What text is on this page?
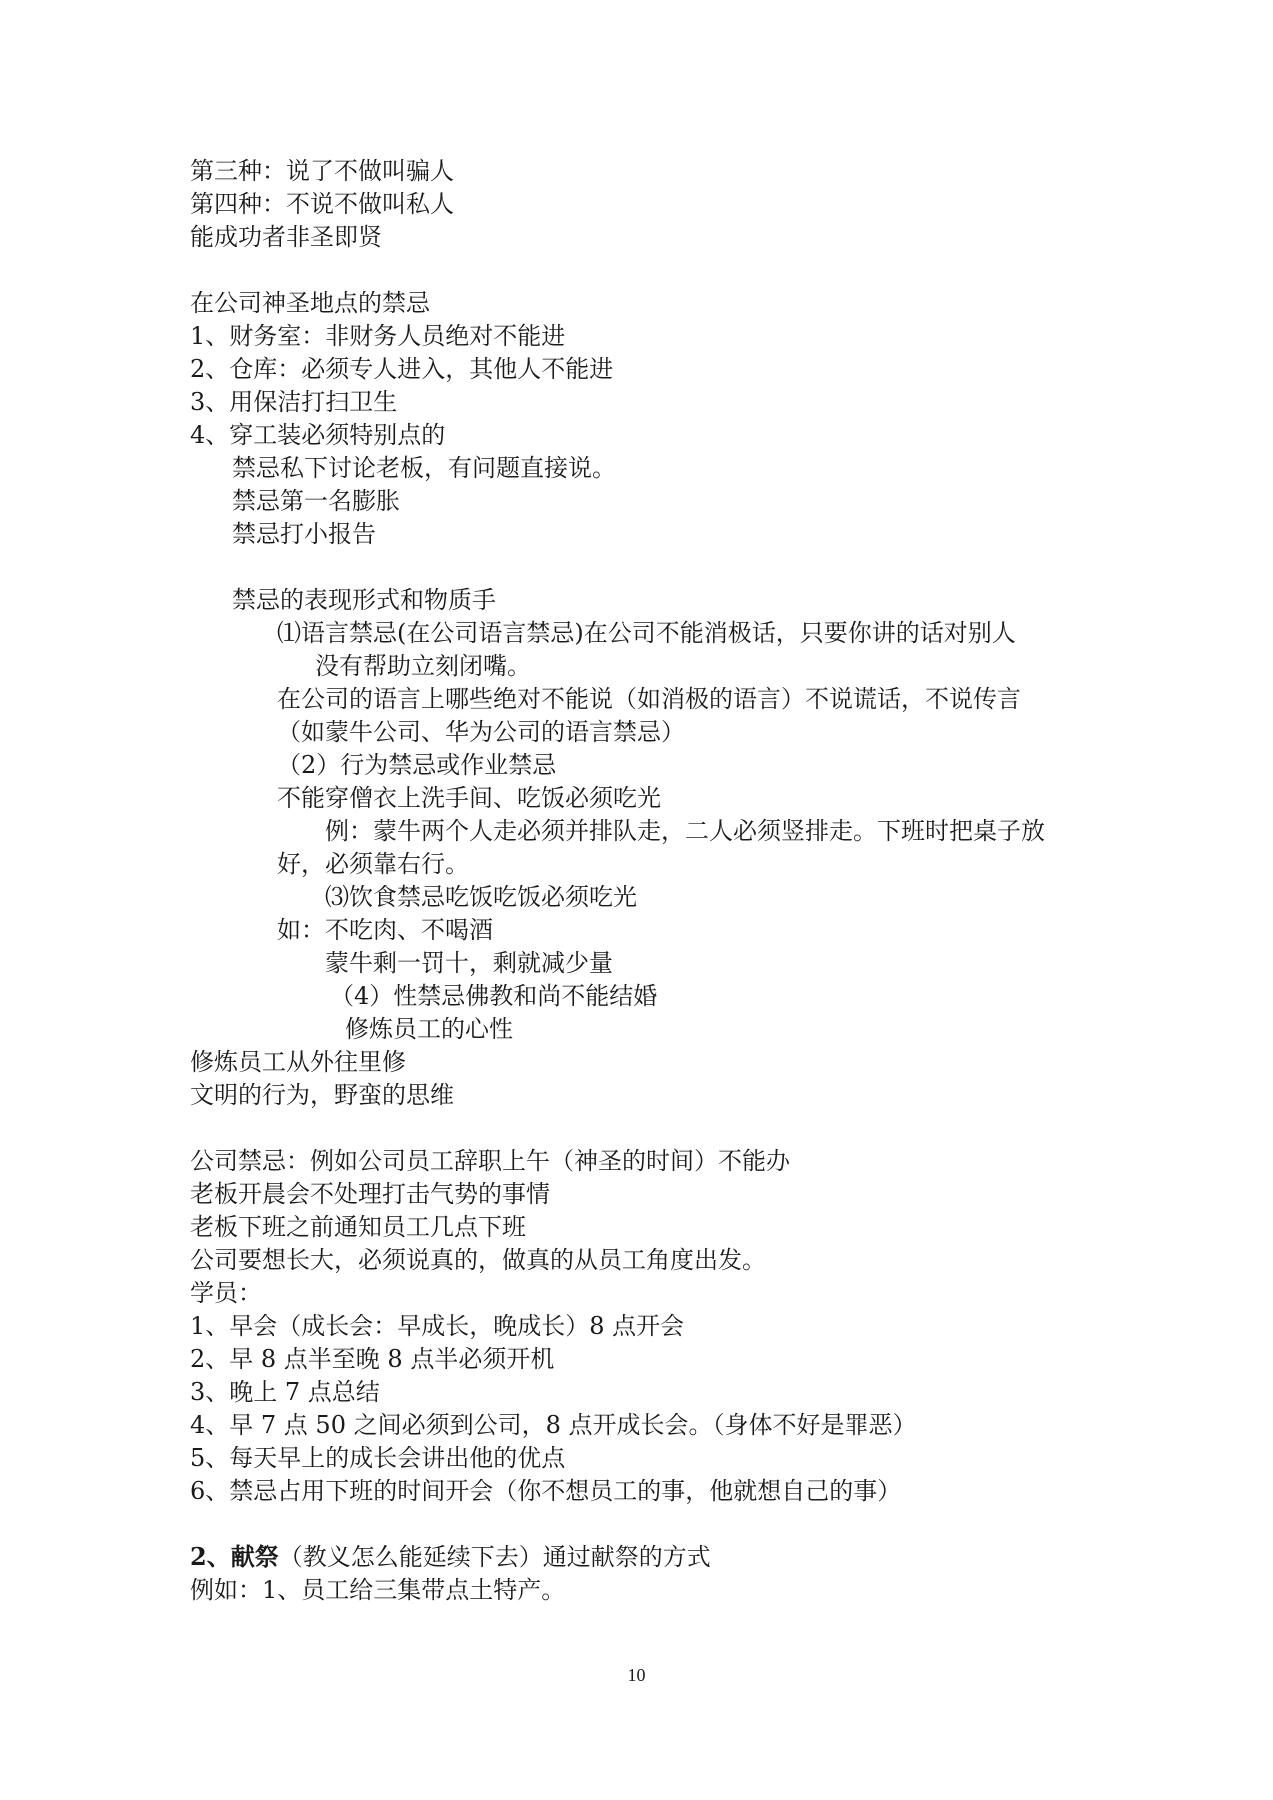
第三种：说了不做叫骗人
第四种：不说不做叫私人
能成功者非圣即贤
在公司神圣地点的禁忌
1、财务室：非财务人员绝对不能进
2、仓库：必须专人进入，其他人不能进
3、用保洁打扫卫生
4、穿工装必须特别点的
禁忌私下讨论老板，有问题直接说。
禁忌第一名膨胀
禁忌打小报告
禁忌的表现形式和物质手
⑴语言禁忌(在公司语言禁忌)在公司不能消极话，只要你讲的话对别人
没有帮助立刻闭嘴。
在公司的语言上哪些绝对不能说（如消极的语言）不说谎话，不说传言
（如蒙牛公司、华为公司的语言禁忌）
（2）行为禁忌或作业禁忌
不能穿僧衣上洗手间、吃饭必须吃光
例：蒙牛两个人走必须并排队走，二人必须竖排走。下班时把桌子放
好，必须靠右行。
⑶饮食禁忌吃饭吃饭必须吃光
如：不吃肉、不喝酒
蒙牛剩一罚十，剩就减少量
（4）性禁忌佛教和尚不能结婚
修炼员工的心性
修炼员工从外往里修
文明的行为，野蛮的思维
公司禁忌：例如公司员工辞职上午（神圣的时间）不能办
老板开晨会不处理打击气势的事情
老板下班之前通知员工几点下班
公司要想长大，必须说真的，做真的从员工角度出发。
学员：
1、早会（成长会：早成长，晚成长）8 点开会
2、早 8 点半至晚 8 点半必须开机
3、晚上 7 点总结
4、早 7 点 50 之间必须到公司，8 点开成长会。（身体不好是罪恶）
5、每天早上的成长会讲出他的优点
6、禁忌占用下班的时间开会（你不想员工的事，他就想自己的事）
2、献祭（教义怎么能延续下去）通过献祭的方式
例如：1、员工给三集带点土特产。
10
